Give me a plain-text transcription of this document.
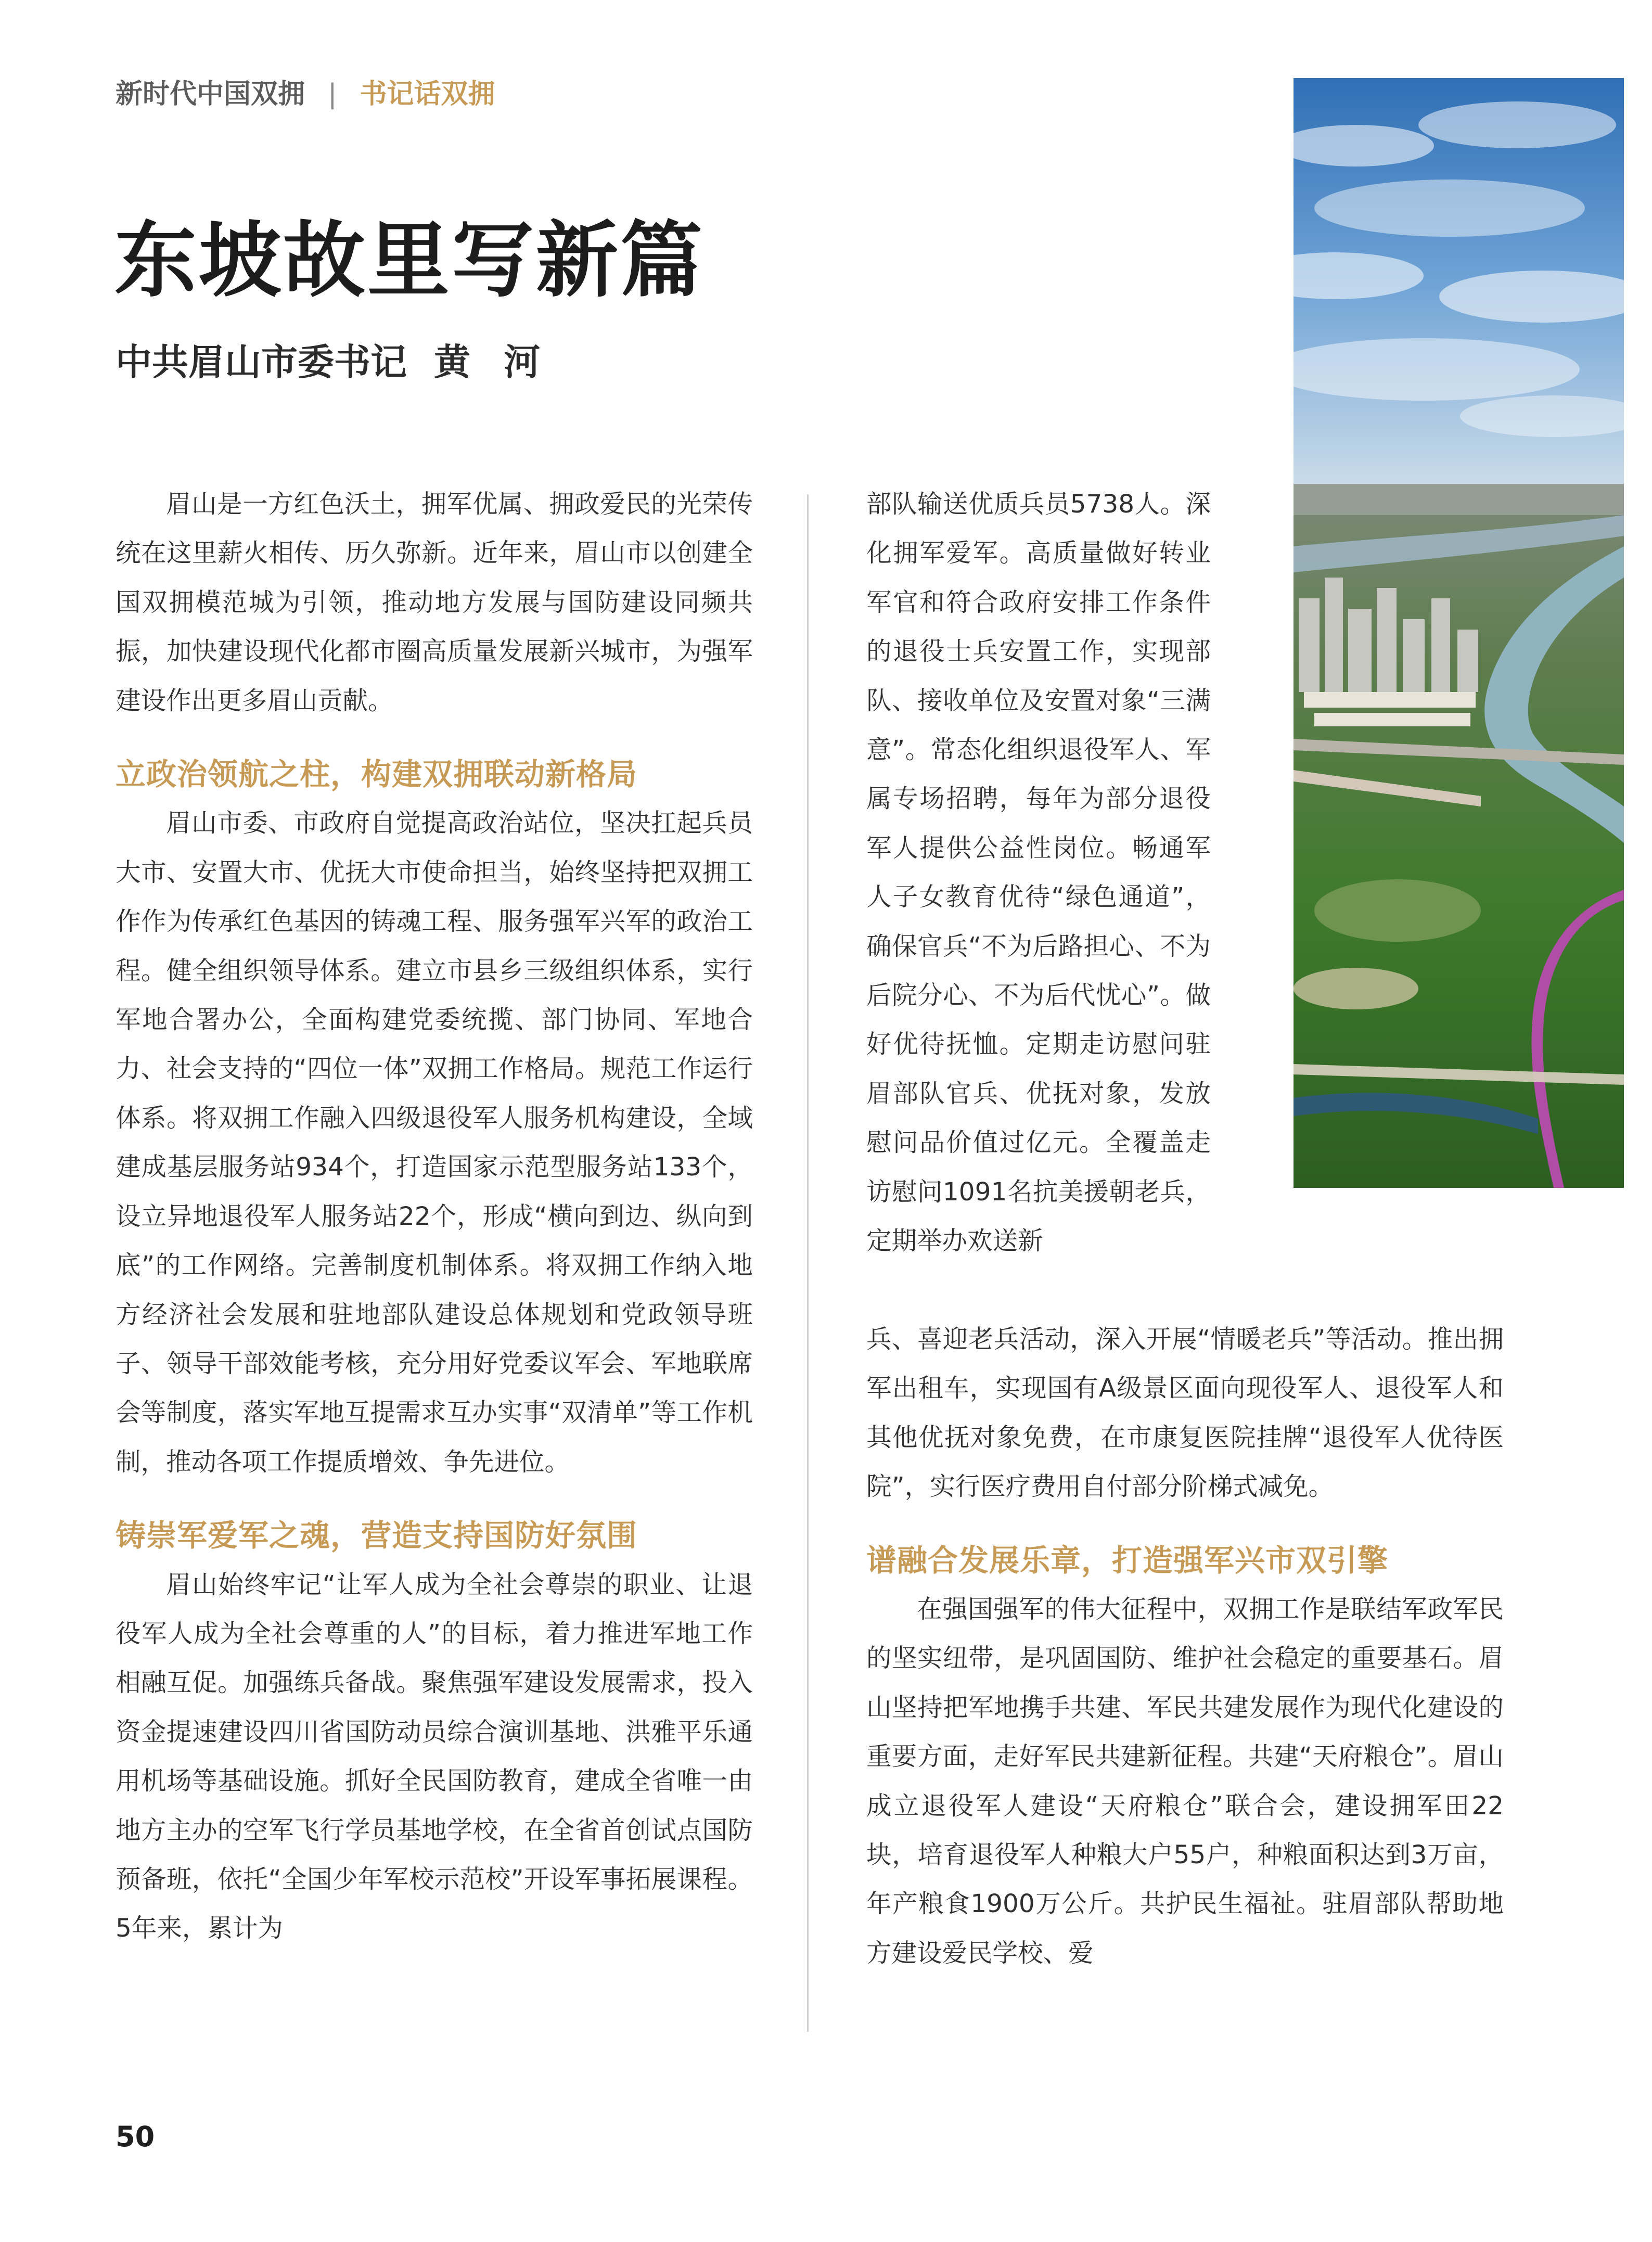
新时代中国双拥 | 书记话双拥
东坡故里写新篇
中共眉山市委书记 黄 河

眉山是一方红色沃土，拥军优属、拥政爱民的光荣传统在这里薪火相传、历久弥新。近年来，眉山市以创建全国双拥模范城为引领，推动地方发展与国防建设同频共振，加快建设现代化都市圈高质量发展新兴城市，为强军建设作出更多眉山贡献。

立政治领航之柱，构建双拥联动新格局

眉山市委、市政府自觉提高政治站位，坚决扛起兵员大市、安置大市、优抚大市使命担当，始终坚持把双拥工作作为传承红色基因的铸魂工程、服务强军兴军的政治工程。健全组织领导体系。建立市县乡三级组织体系，实行军地合署办公，全面构建党委统揽、部门协同、军地合力、社会支持的“四位一体”双拥工作格局。规范工作运行体系。将双拥工作融入四级退役军人服务机构建设，全域建成基层服务站934个，打造国家示范型服务站133个，设立异地退役军人服务站22个，形成“横向到边、纵向到底”的工作网络。完善制度机制体系。将双拥工作纳入地方经济社会发展和驻地部队建设总体规划和党政领导班子、领导干部效能考核，充分用好党委议军会、军地联席会等制度，落实军地互提需求互办实事“双清单”等工作机制，推动各项工作提质增效、争先进位。

铸崇军爱军之魂，营造支持国防好氛围

眉山始终牢记“让军人成为全社会尊崇的职业、让退役军人成为全社会尊重的人”的目标，着力推进军地工作相融互促。加强练兵备战。聚焦强军建设发展需求，投入资金提速建设四川省国防动员综合演训基地、洪雅平乐通用机场等基础设施。抓好全民国防教育，建成全省唯一由地方主办的空军飞行学员基地学校，在全省首创试点国防预备班，依托“全国少年军校示范校”开设军事拓展课程。5年来，累计为

部队输送优质兵员5738人。深化拥军爱军。高质量做好转业军官和符合政府安排工作条件的退役士兵安置工作，实现部队、接收单位及安置对象“三满意”。常态化组织退役军人、军属专场招聘，每年为部分退役军人提供公益性岗位。畅通军人子女教育优待“绿色通道”，确保官兵“不为后路担心、不为后院分心、不为后代忧心”。做好优待抚恤。定期走访慰问驻眉部队官兵、优抚对象，发放慰问品价值过亿元。全覆盖走访慰问1091名抗美援朝老兵，定期举办欢送新

兵、喜迎老兵活动，深入开展“情暖老兵”等活动。推出拥军出租车，实现国有A级景区面向现役军人、退役军人和其他优抚对象免费，在市康复医院挂牌“退役军人优待医院”，实行医疗费用自付部分阶梯式减免。

谱融合发展乐章，打造强军兴市双引擎

在强国强军的伟大征程中，双拥工作是联结军政军民的坚实纽带，是巩固国防、维护社会稳定的重要基石。眉山坚持把军地携手共建、军民共建发展作为现代化建设的重要方面，走好军民共建新征程。共建“天府粮仓”。眉山成立退役军人建设“天府粮仓”联合会，建设拥军田22块，培育退役军人种粮大户55户，种粮面积达到3万亩，年产粮食1900万公斤。共护民生福祉。驻眉部队帮助地方建设爱民学校、爱

50
